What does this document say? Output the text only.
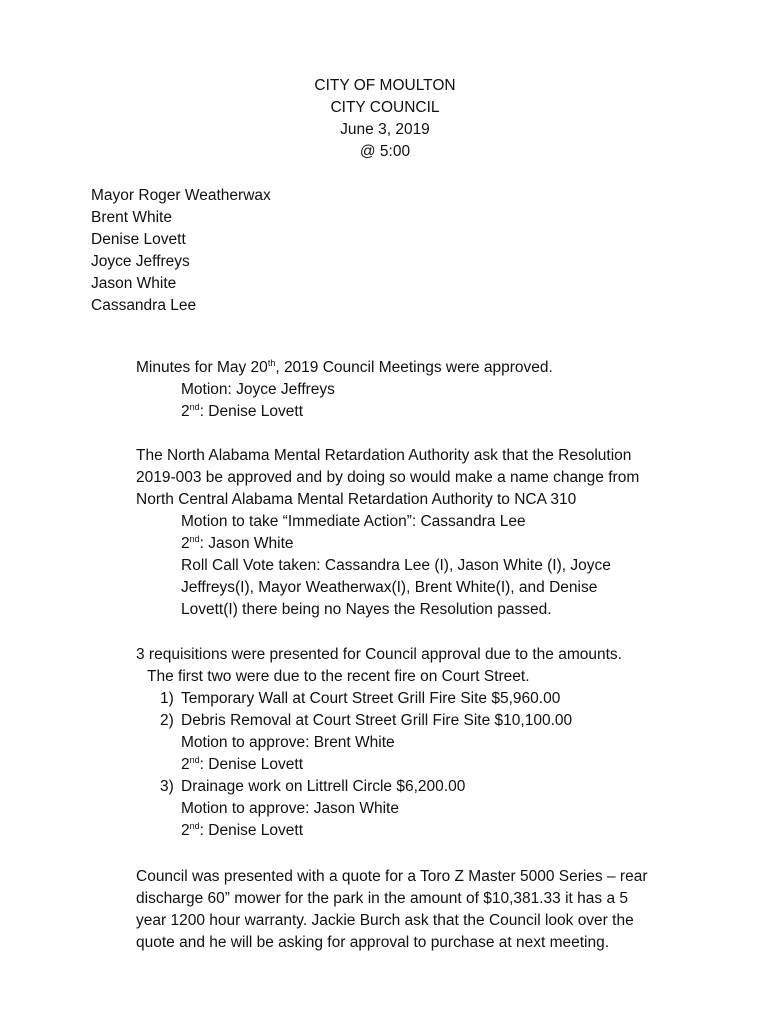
CITY OF MOULTON
CITY COUNCIL
June 3, 2019
@ 5:00
Mayor Roger Weatherwax
Brent White
Denise Lovett
Joyce Jeffreys
Jason White
Cassandra Lee
Minutes for May 20th, 2019 Council Meetings were approved.
Motion: Joyce Jeffreys
2nd: Denise Lovett
The North Alabama Mental Retardation Authority ask that the Resolution
2019-003 be approved and by doing so would make a name change from
North Central Alabama Mental Retardation Authority to NCA 310
Motion to take “Immediate Action”: Cassandra Lee
2nd: Jason White
Roll Call Vote taken: Cassandra Lee (I), Jason White (I), Joyce
Jeffreys(I), Mayor Weatherwax(I), Brent White(I), and Denise
Lovett(I) there being no Nayes the Resolution passed.
3 requisitions were presented for Council approval due to the amounts.
The first two were due to the recent fire on Court Street.
1) Temporary Wall at Court Street Grill Fire Site $5,960.00
2) Debris Removal at Court Street Grill Fire Site $10,100.00
Motion to approve: Brent White
2nd: Denise Lovett
3) Drainage work on Littrell Circle $6,200.00
Motion to approve: Jason White
2nd: Denise Lovett
Council was presented with a quote for a Toro Z Master 5000 Series – rear
discharge 60” mower for the park in the amount of $10,381.33 it has a 5
year 1200 hour warranty. Jackie Burch ask that the Council look over the
quote and he will be asking for approval to purchase at next meeting.
